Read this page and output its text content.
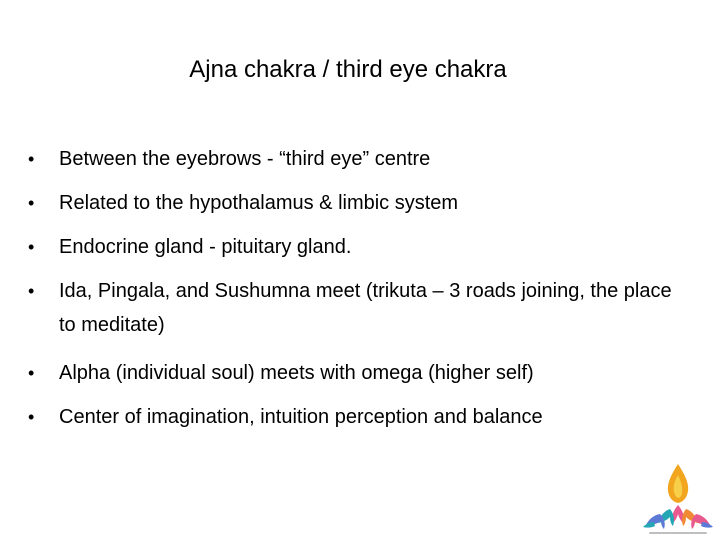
Ajna chakra / third eye chakra
•	Between the eyebrows - “third eye” centre
•	Related to the hypothalamus & limbic system
•	Endocrine gland - pituitary gland.
•	Ida, Pingala, and Sushumna meet (trikuta – 3 roads joining, the place to meditate)
•	Alpha (individual soul) meets with omega (higher self)
•	Center of imagination, intuition perception and balance
